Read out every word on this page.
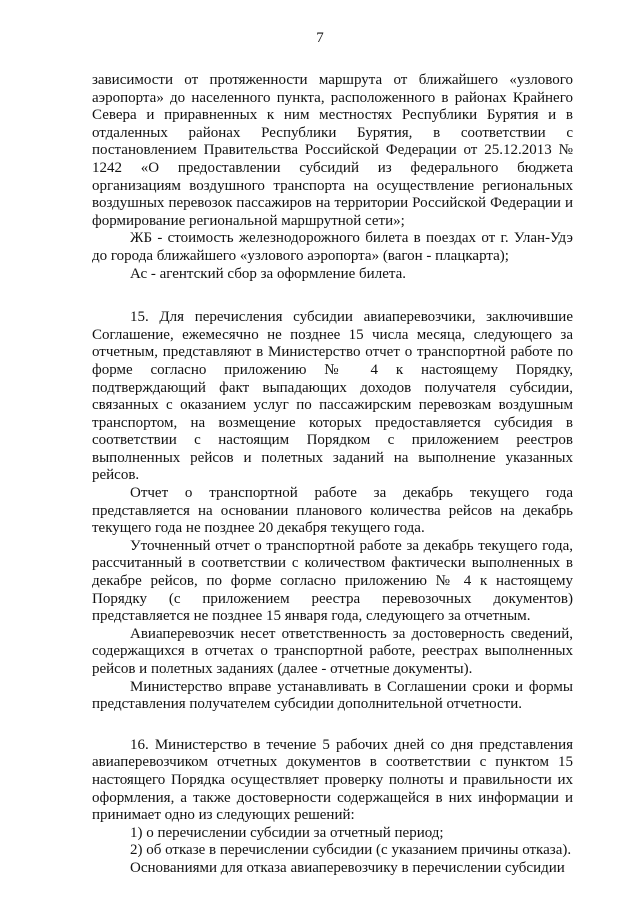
7

зависимости от протяженности маршрута от ближайшего «узлового аэропорта» до населенного пункта, расположенного в районах Крайнего Севера и приравненных к ним местностях Республики Бурятия и в отдаленных районах Республики Бурятия, в соответствии с постановлением Правительства Российской Федерации от 25.12.2013 № 1242 «О предоставлении субсидий из федерального бюджета организациям воздушного транспорта на осуществление региональных воздушных перевозок пассажиров на территории Российской Федерации и формирование региональной маршрутной сети»;

ЖБ - стоимость железнодорожного билета в поездах от г. Улан-Удэ до города ближайшего «узлового аэропорта» (вагон - плацкарта);

Ас - агентский сбор за оформление билета.

15. Для перечисления субсидии авиаперевозчики, заключившие Соглашение, ежемесячно не позднее 15 числа месяца, следующего за отчетным, представляют в Министерство отчет о транспортной работе по форме согласно приложению № 4 к настоящему Порядку, подтверждающий факт выпадающих доходов получателя субсидии, связанных с оказанием услуг по пассажирским перевозкам воздушным транспортом, на возмещение которых предоставляется субсидия в соответствии с настоящим Порядком с приложением реестров выполненных рейсов и полетных заданий на выполнение указанных рейсов.

Отчет о транспортной работе за декабрь текущего года представляется на основании планового количества рейсов на декабрь текущего года не позднее 20 декабря текущего года.

Уточненный отчет о транспортной работе за декабрь текущего года, рассчитанный в соответствии с количеством фактически выполненных в декабре рейсов, по форме согласно приложению № 4 к настоящему Порядку (с приложением реестра перевозочных документов) представляется не позднее 15 января года, следующего за отчетным.

Авиаперевозчик несет ответственность за достоверность сведений, содержащихся в отчетах о транспортной работе, реестрах выполненных рейсов и полетных заданиях (далее - отчетные документы).

Министерство вправе устанавливать в Соглашении сроки и формы представления получателем субсидии дополнительной отчетности.

16. Министерство в течение 5 рабочих дней со дня представления авиаперевозчиком отчетных документов в соответствии с пунктом 15 настоящего Порядка осуществляет проверку полноты и правильности их оформления, а также достоверности содержащейся в них информации и принимает одно из следующих решений:

1) о перечислении субсидии за отчетный период;

2) об отказе в перечислении субсидии (с указанием причины отказа).

Основаниями для отказа авиаперевозчику в перечислении субсидии
